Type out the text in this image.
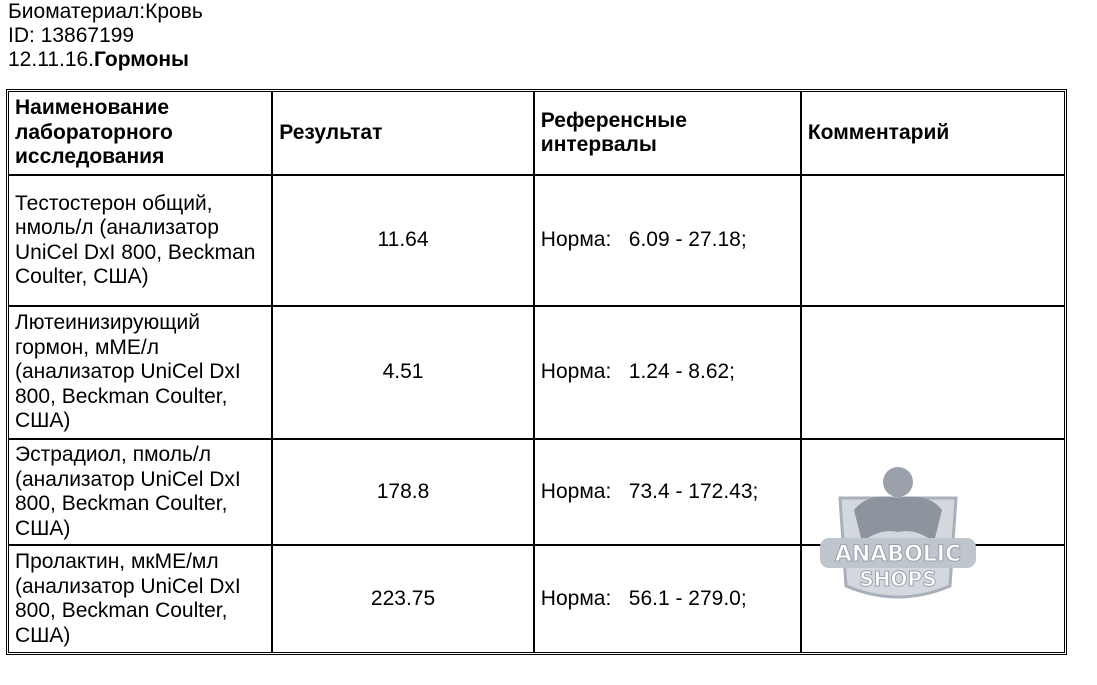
Биоматериал:Кровь
ID: 13867199
12.11.16.Гормоны
Наименование лабораторного исследования	Результат	Референсные интервалы	Комментарий
Тестостерон общий, нмоль/л (анализатор UniCel DxI 800, Beckman Coulter, США)	11.64	Норма:   6.09 - 27.18;	
Лютеинизирующий гормон, мМЕ/л (анализатор UniCel DxI 800, Beckman Coulter, США)	4.51	Норма:   1.24 - 8.62;	
Эстрадиол, пмоль/л (анализатор UniCel DxI 800, Beckman Coulter, США)	178.8	Норма:   73.4 - 172.43;	
Пролактин, мкМЕ/мл (анализатор UniCel DxI 800, Beckman Coulter, США)	223.75	Норма:   56.1 - 279.0;	
ANABOLIC
SHOPS
